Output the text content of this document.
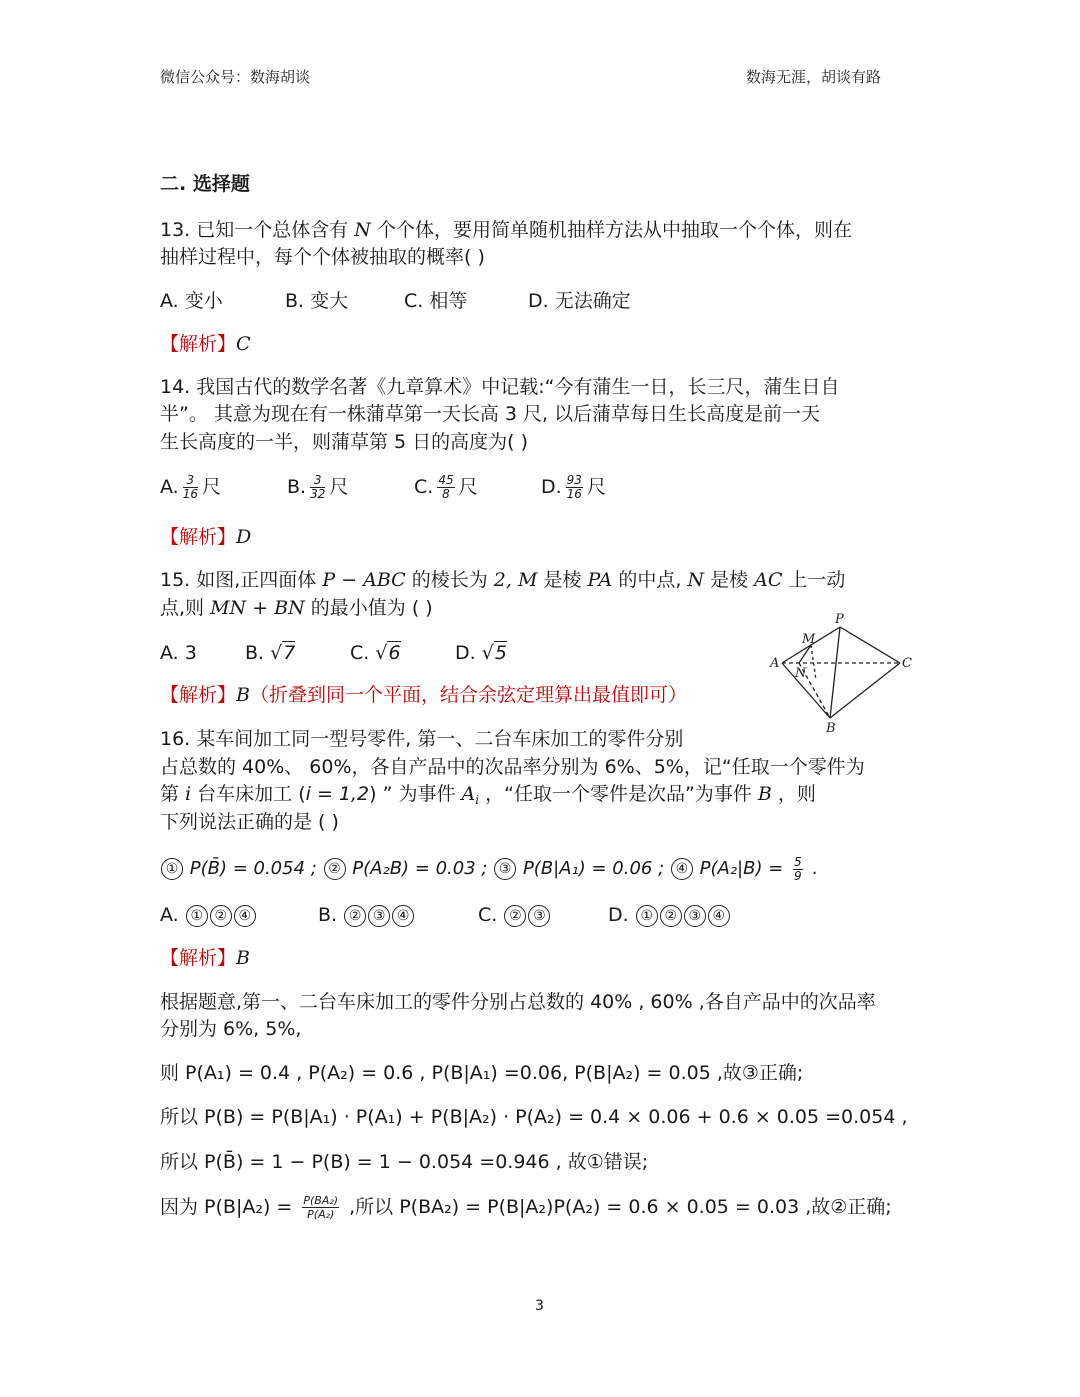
微信公众号：数海胡谈	数海无涯，胡谈有路
二. 选择题
13. 已知一个总体含有 N 个个体，要用简单随机抽样方法从中抽取一个个体，则在
抽样过程中，每个个体被抽取的概率( )
A. 变小	B. 变大	C. 相等	D. 无法确定
【解析】C
14. 我国古代的数学名著《九章算术》中记载:“今有蒲生一日，长三尺，蒲生日自
半”。 其意为现在有一株蒲草第一天长高 3 尺, 以后蒲草每日生长高度是前一天
生长高度的一半，则蒲草第 5 日的高度为( )
A. $\frac{3}{16}$ 尺	B. $\frac{3}{32}$ 尺	C. $\frac{45}{8}$ 尺	D. $\frac{93}{16}$ 尺
【解析】D
15. 如图,正四面体 P − ABC 的棱长为 2, M 是棱 PA 的中点, N 是棱 AC 上一动
点,则 MN + BN 的最小值为 ( )
A. 3	B. √7	C. √6	D. √5
【解析】B（折叠到同一个平面，结合余弦定理算出最值即可）
P
M
A
N
C
B
16. 某车间加工同一型号零件, 第一、二台车床加工的零件分别
占总数的 40%、 60%，各自产品中的次品率分别为 6%、5%，记“任取一个零件为
第 i 台车床加工 (i = 1,2) ” 为事件 $A_i$ ，“任取一个零件是次品”为事件 B ，则
下列说法正确的是 ( )
① P(B̄) = 0.054 ; ② P(A₂B) = 0.03 ; ③ P(B|A₁) = 0.06 ; ④ $P(A_2|B) = \frac{5}{9}$ .
A. ① ② ④	B. ② ③ ④	C. ② ③	D. ① ② ③ ④
【解析】B
根据题意,第一、二台车床加工的零件分别占总数的 40% , 60% ,各自产品中的次品率
分别为 6%, 5%,
则 P(A₁) = 0.4 , P(A₂) = 0.6 , P(B|A₁) =0.06, P(B|A₂) = 0.05 ,故③正确;
所以 P(B) = P(B|A₁) · P(A₁) + P(B|A₂) · P(A₂) = 0.4 × 0.06 + 0.6 × 0.05 =0.054 ,
所以 P(B̄) = 1 − P(B) = 1 − 0.054 =0.946 , 故①错误;
因为 $P(B|A_2) = \frac{\text{P(BA₂)}}{\text{P(A₂)}}$ ,所以 P(BA₂) = P(B|A₂)P(A₂) = 0.6 × 0.05 = 0.03 ,故②正确;
3
